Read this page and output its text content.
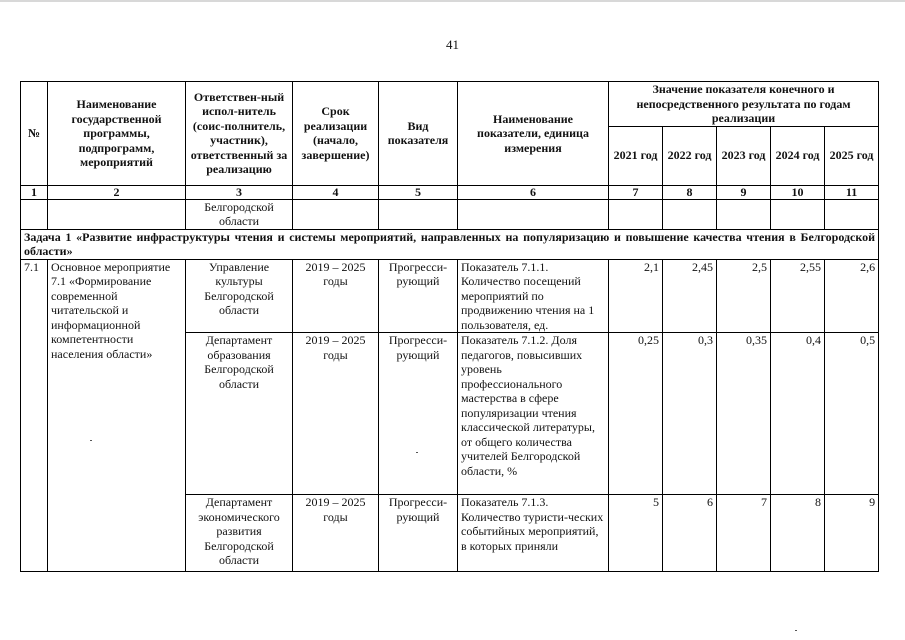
41
№	Наименование государственной программы, подпрограмм, мероприятий	Ответствен-ный испол-нитель (соис-полнитель, участник), ответственный за реализацию	Срок реализации (начало, завершение)	Вид показателя	Наименование показатели, единица измерения	Значение показателя конечного и непосредственного результата по годам реализации				
						2021 год	2022 год	2023 год	2024 год	2025 год
1	2	3	4	5	6	7	8	9	10	11
		Белгородской области								
Задача 1 «Развитие инфраструктуры чтения и системы мероприятий, направленных на популяризацию и повышение качества чтения в Белгородской области»										
7.1	Основное мероприятие 7.1 «Формирование современной читательской и информационной компетентности населения области»	Управление культуры Белгородской области	2019 – 2025 годы	Прогресси-рующий	Показатель 7.1.1. Количество посещений мероприятий по продвижению чтения на 1 пользователя, ед.	2,1	2,45	2,5	2,55	2,6
		Департамент образования Белгородской области	2019 – 2025 годы	Прогресси-рующий	Показатель 7.1.2. Доля педагогов, повысивших уровень профессионального мастерства в сфере популяризации чтения классической литературы, от общего количества учителей Белгородской области, %	0,25	0,3	0,35	0,4	0,5
		Департамент экономического развития Белгородской области	2019 – 2025 годы	Прогресси-рующий	Показатель 7.1.3. Количество туристи-ческих событийных мероприятий, в которых приняли	5	6	7	8	9
